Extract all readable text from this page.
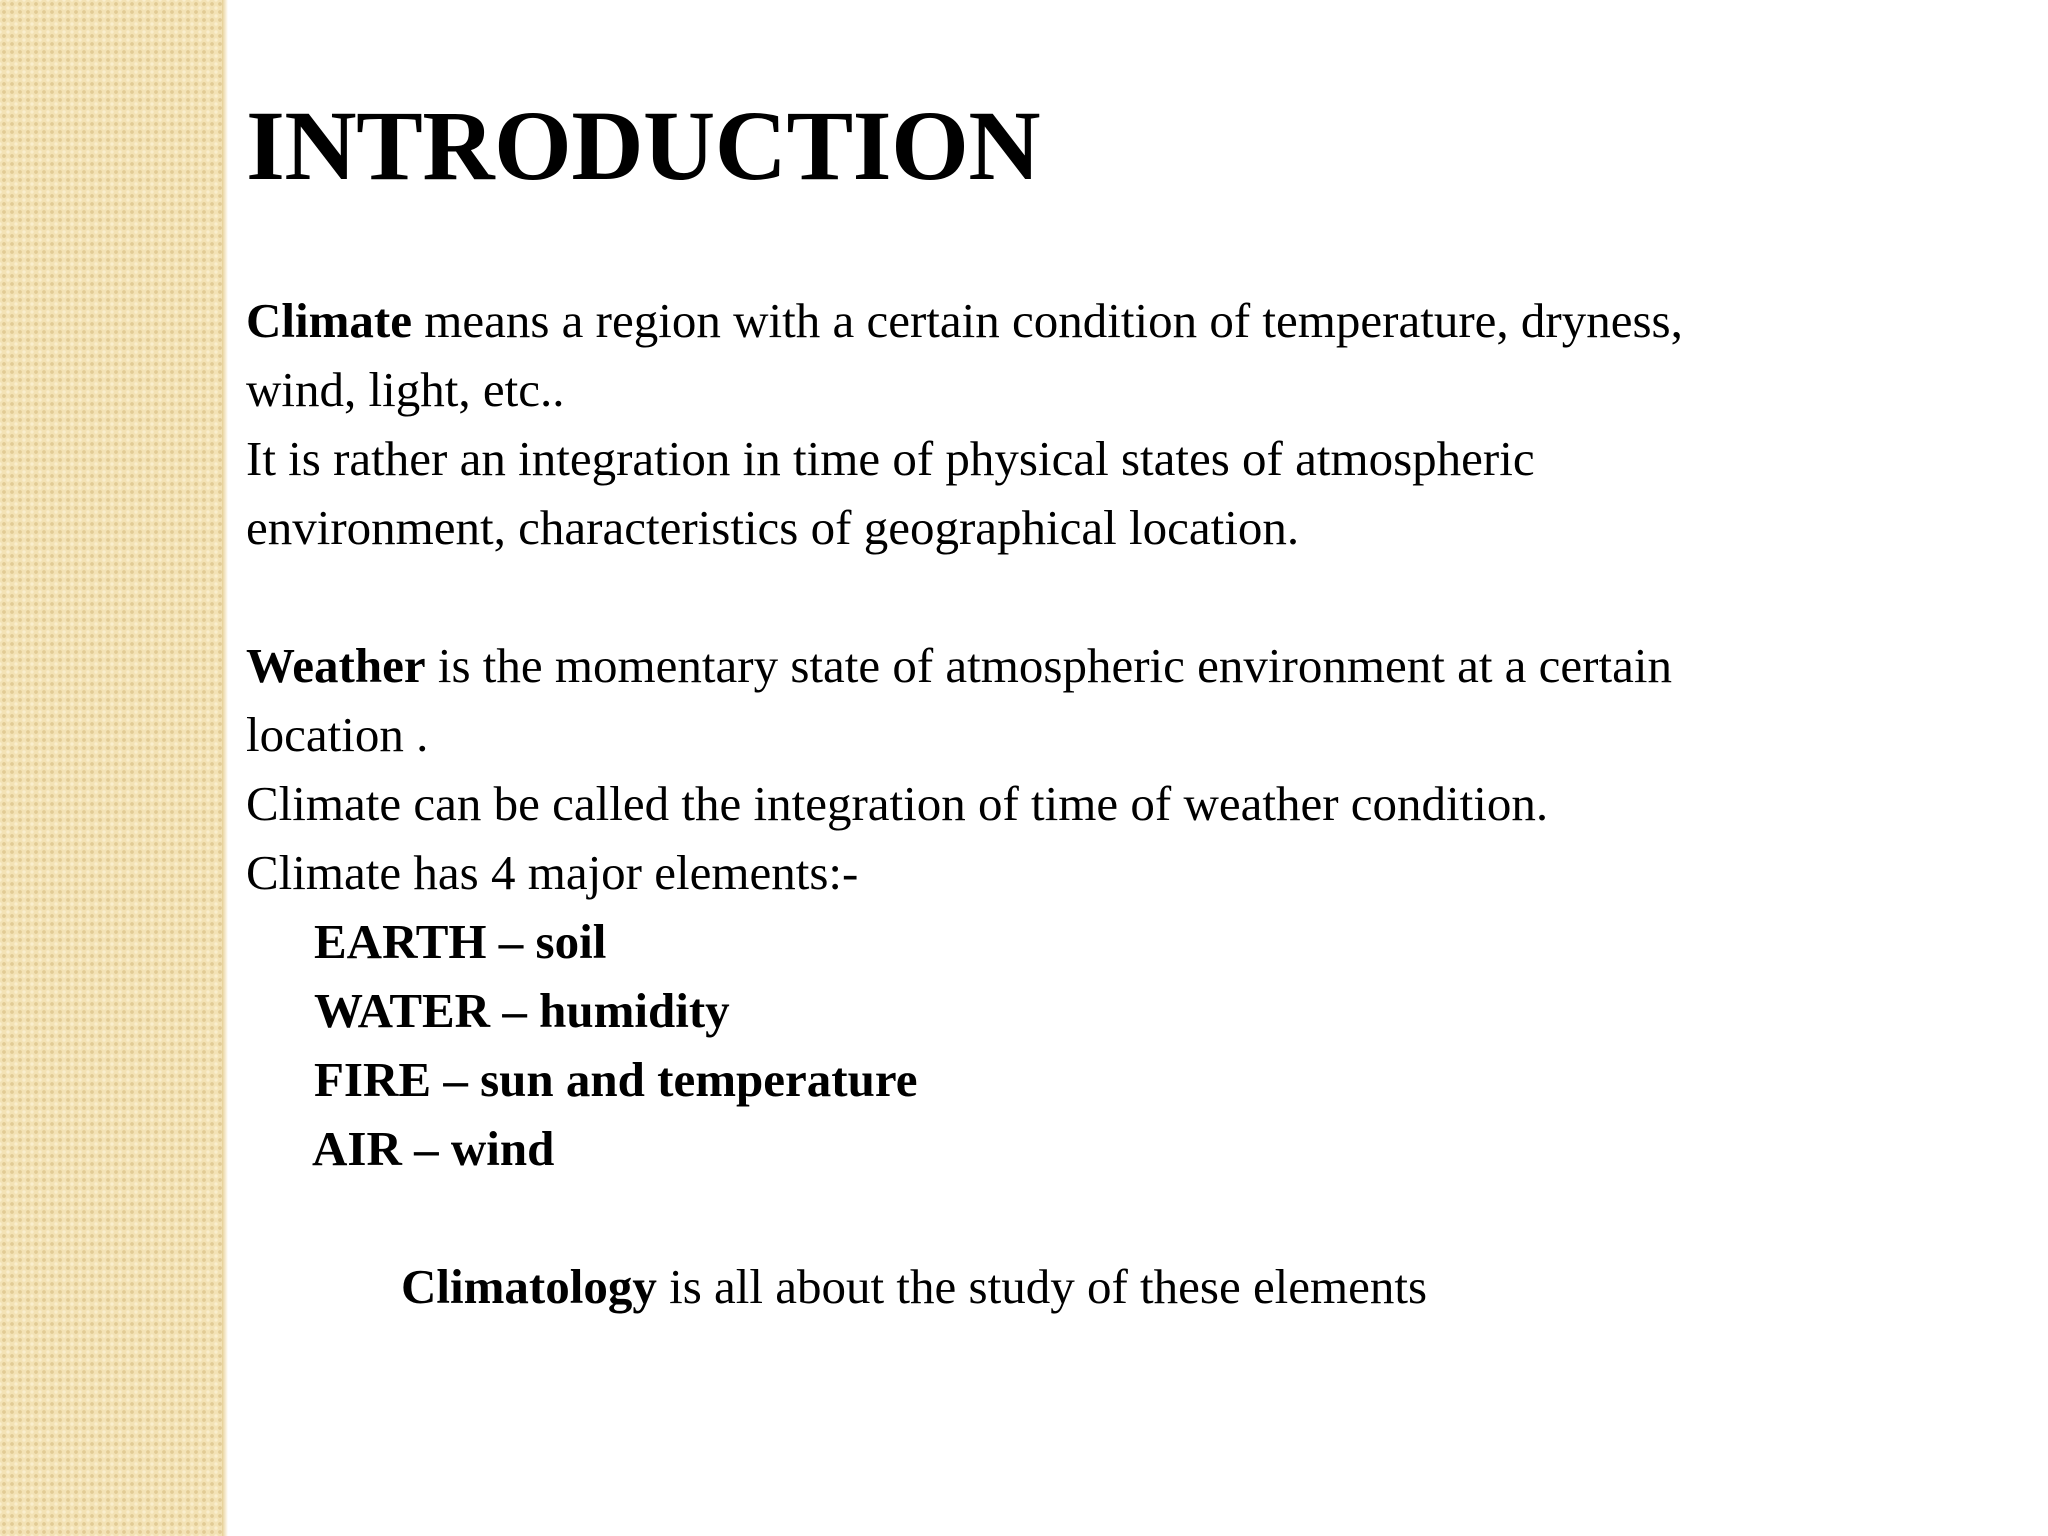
INTRODUCTION
Climate means a region with a certain condition of temperature, dryness,
wind, light, etc..
It is rather an integration in time of physical states of atmospheric
environment, characteristics of geographical location.
Weather is the momentary state of atmospheric environment at a certain
location .
Climate can be called the integration of time of weather condition.
Climate has 4 major elements:-
EARTH – soil
WATER – humidity
FIRE – sun and temperature
AIR – wind
Climatology is all about the study of these elements
